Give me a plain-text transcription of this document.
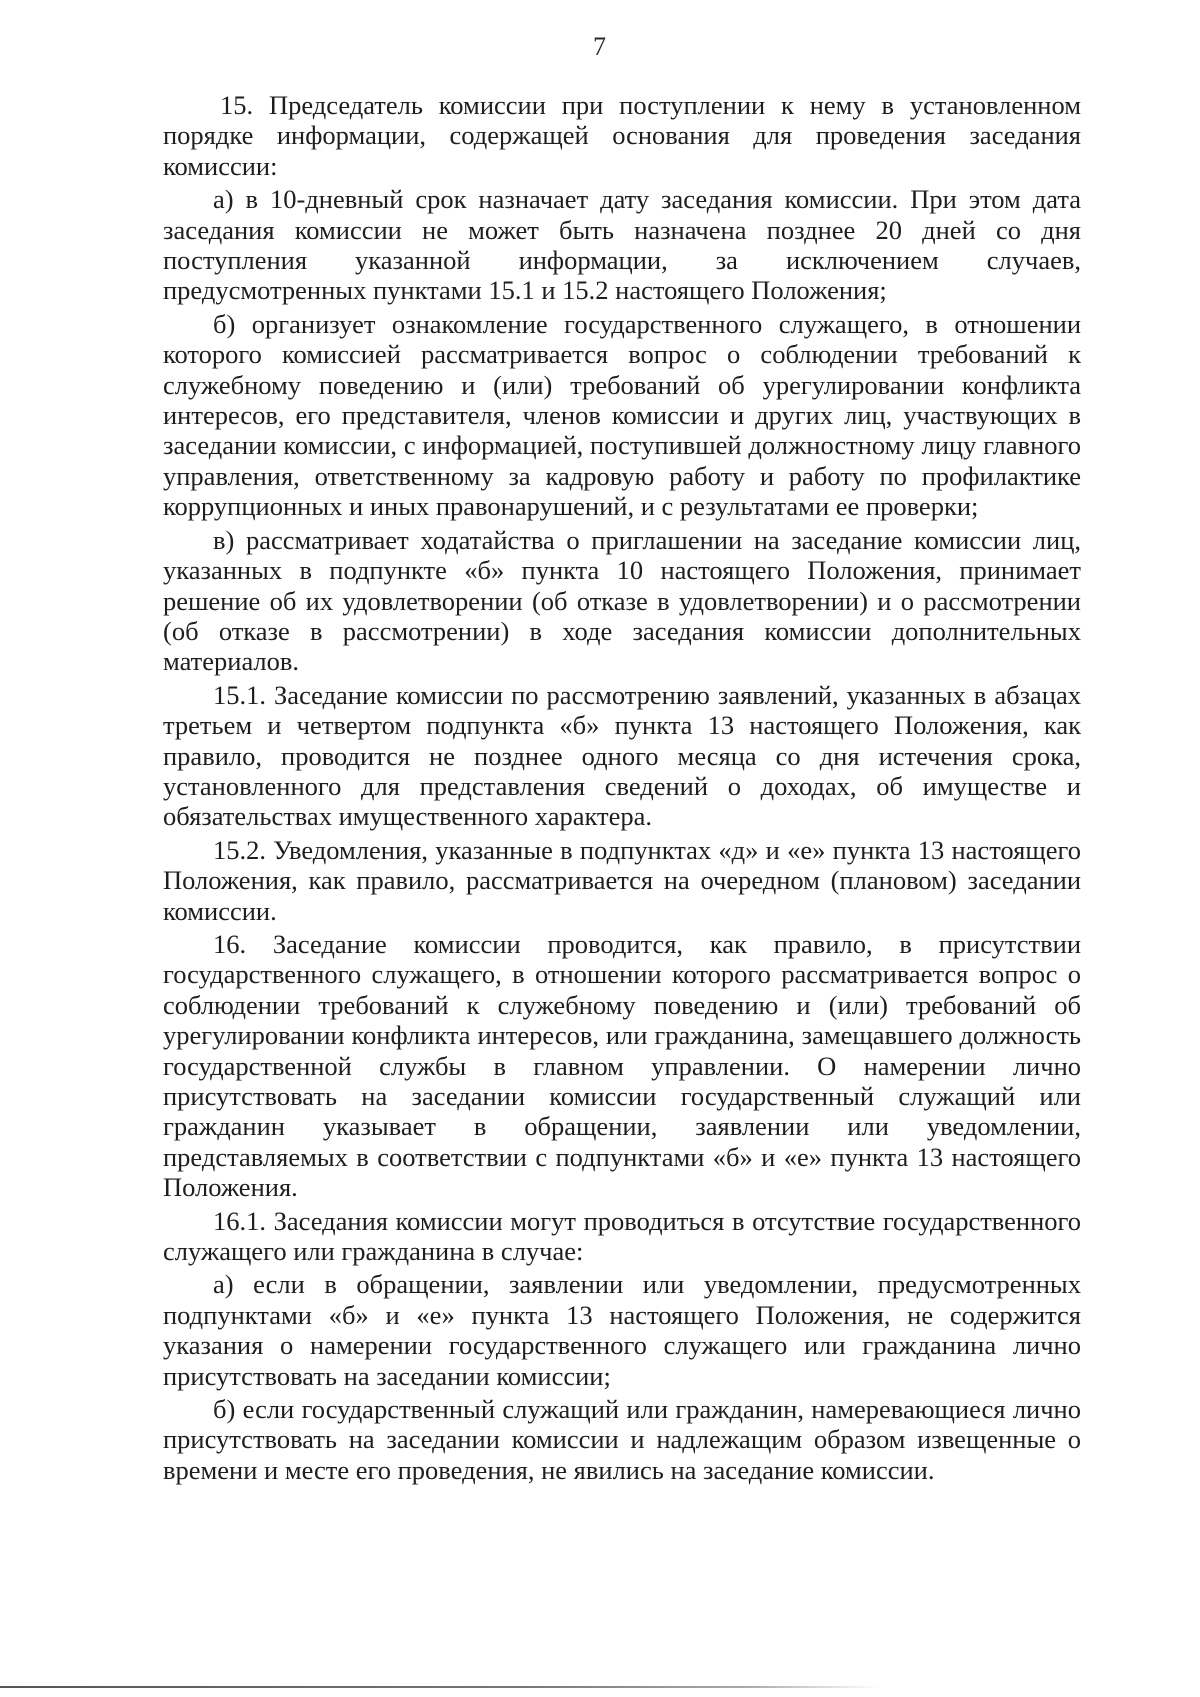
7

15. Председатель комиссии при поступлении к нему в установленном порядке информации, содержащей основания для проведения заседания комиссии:

а) в 10-дневный срок назначает дату заседания комиссии. При этом дата заседания комиссии не может быть назначена позднее 20 дней со дня поступления указанной информации, за исключением случаев, предусмотренных пунктами 15.1 и 15.2 настоящего Положения;

б) организует ознакомление государственного служащего, в отношении которого комиссией рассматривается вопрос о соблюдении требований к служебному поведению и (или) требований об урегулировании конфликта интересов, его представителя, членов комиссии и других лиц, участвующих в заседании комиссии, с информацией, поступившей должностному лицу главного управления, ответственному за кадровую работу и работу по профилактике коррупционных и иных правонарушений, и с результатами ее проверки;

в) рассматривает ходатайства о приглашении на заседание комиссии лиц, указанных в подпункте «б» пункта 10 настоящего Положения, принимает решение об их удовлетворении (об отказе в удовлетворении) и о рассмотрении (об отказе в рассмотрении) в ходе заседания комиссии дополнительных материалов.

15.1. Заседание комиссии по рассмотрению заявлений, указанных в абзацах третьем и четвертом подпункта «б» пункта 13 настоящего Положения, как правило, проводится не позднее одного месяца со дня истечения срока, установленного для представления сведений о доходах, об имуществе и обязательствах имущественного характера.

15.2. Уведомления, указанные в подпунктах «д» и «е» пункта 13 настоящего Положения, как правило, рассматривается на очередном (плановом) заседании комиссии.

16. Заседание комиссии проводится, как правило, в присутствии государственного служащего, в отношении которого рассматривается вопрос о соблюдении требований к служебному поведению и (или) требований об урегулировании конфликта интересов, или гражданина, замещавшего должность государственной службы в главном управлении. О намерении лично присутствовать на заседании комиссии государственный служащий или гражданин указывает в обращении, заявлении или уведомлении, представляемых в соответствии с подпунктами «б» и «е» пункта 13 настоящего Положения.

16.1. Заседания комиссии могут проводиться в отсутствие государственного служащего или гражданина в случае:

а) если в обращении, заявлении или уведомлении, предусмотренных подпунктами «б» и «е» пункта 13 настоящего Положения, не содержится указания о намерении государственного служащего или гражданина лично присутствовать на заседании комиссии;

б) если государственный служащий или гражданин, намеревающиеся лично присутствовать на заседании комиссии и надлежащим образом извещенные о времени и месте его проведения, не явились на заседание комиссии.
